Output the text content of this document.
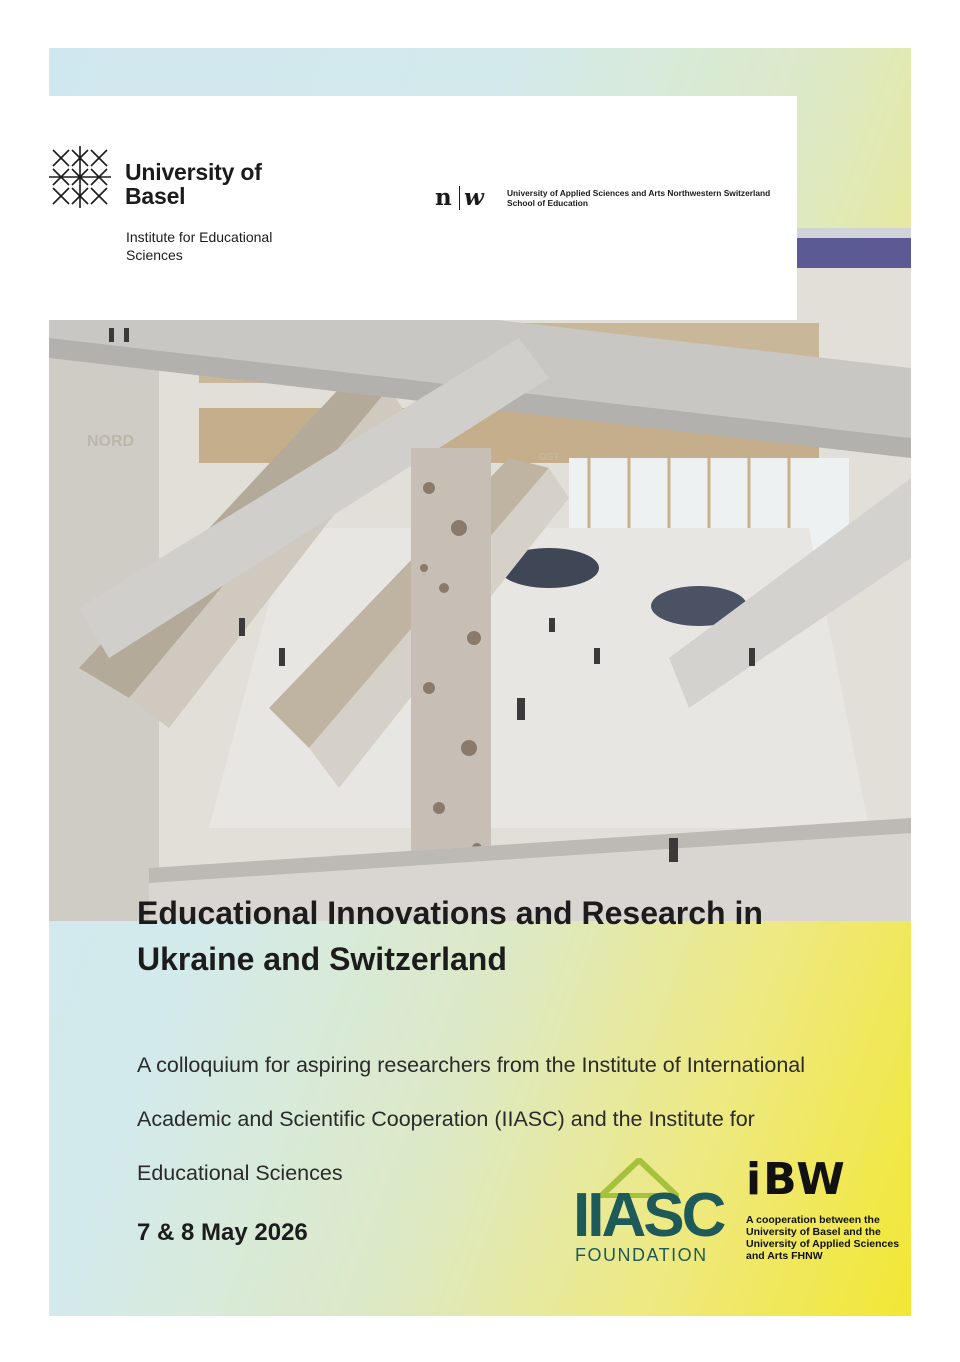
NORD
OST
University of Basel
Institute for Educational Sciences
n w	University of Applied Sciences and Arts Northwestern Switzerland
School of Education
Educational Innovations and Research in Ukraine and Switzerland
A colloquium for aspiring researchers from the Institute of International Academic and Scientific Cooperation (IIASC) and the Institute for Educational Sciences
7 & 8 May 2026	IIASC
FOUNDATION
iBW
A cooperation between the University of Basel and the University of Applied Sciences and Arts FHNW
